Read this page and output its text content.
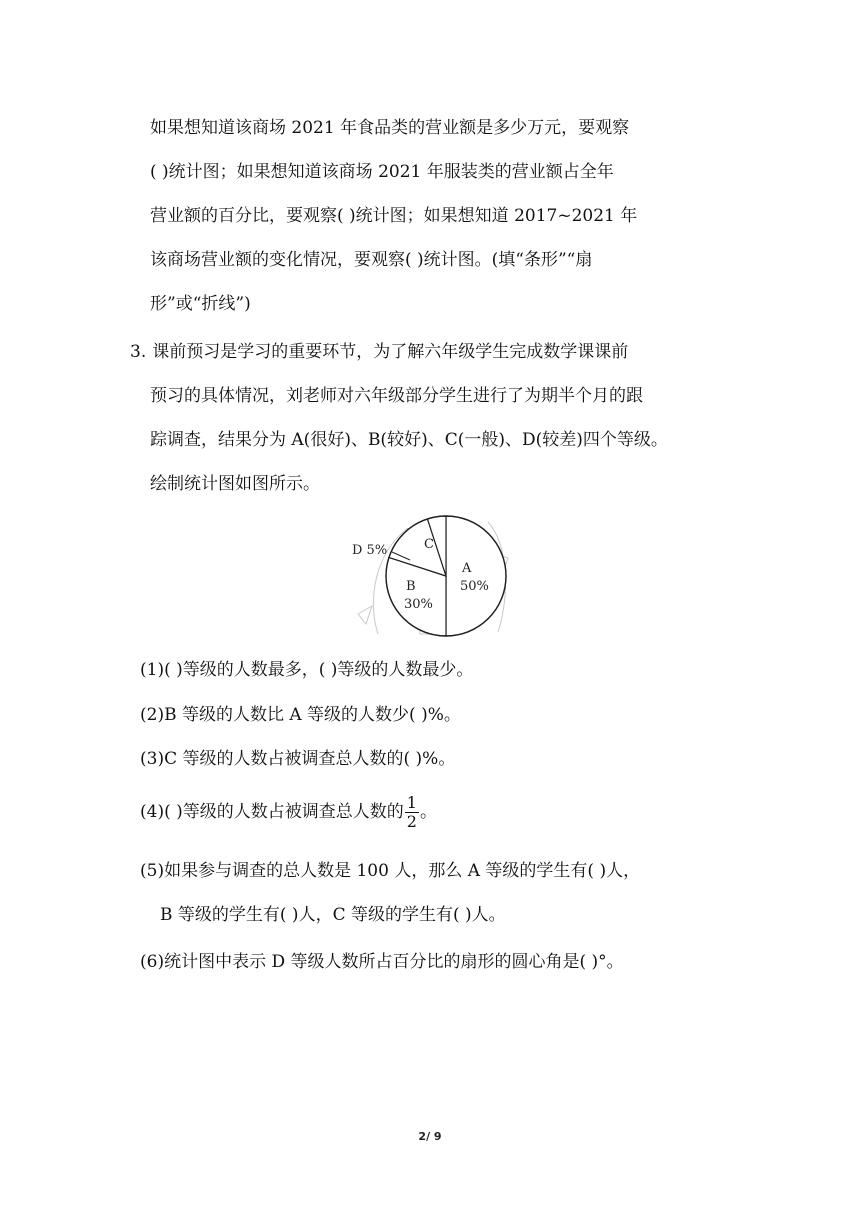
如果想知道该商场 2021 年食品类的营业额是多少万元，要观察
( )统计图；如果想知道该商场 2021 年服装类的营业额占全年
营业额的百分比，要观察( )统计图；如果想知道 2017~2021 年
该商场营业额的变化情况，要观察( )统计图。(填“条形”“扇
形”或“折线”)
3. 课前预习是学习的重要环节，为了解六年级学生完成数学课课前
预习的具体情况，刘老师对六年级部分学生进行了为期半个月的跟
踪调查，结果分为 A(很好)、B(较好)、C(一般)、D(较差)四个等级。
绘制统计图如图所示。
D 5%	C
B
30%
A
50%
(1)( )等级的人数最多，( )等级的人数最少。
(2)B 等级的人数比 A 等级的人数少( )%。
(3)C 等级的人数占被调查总人数的( )%。
(4)( )等级的人数占被调查总人数的 $\frac{1}{2}$ 。
(5)如果参与调查的总人数是 100 人，那么 A 等级的学生有( )人，
B 等级的学生有( )人，C 等级的学生有( )人。
(6)统计图中表示 D 等级人数所占百分比的扇形的圆心角是( )°。
2/ 9
